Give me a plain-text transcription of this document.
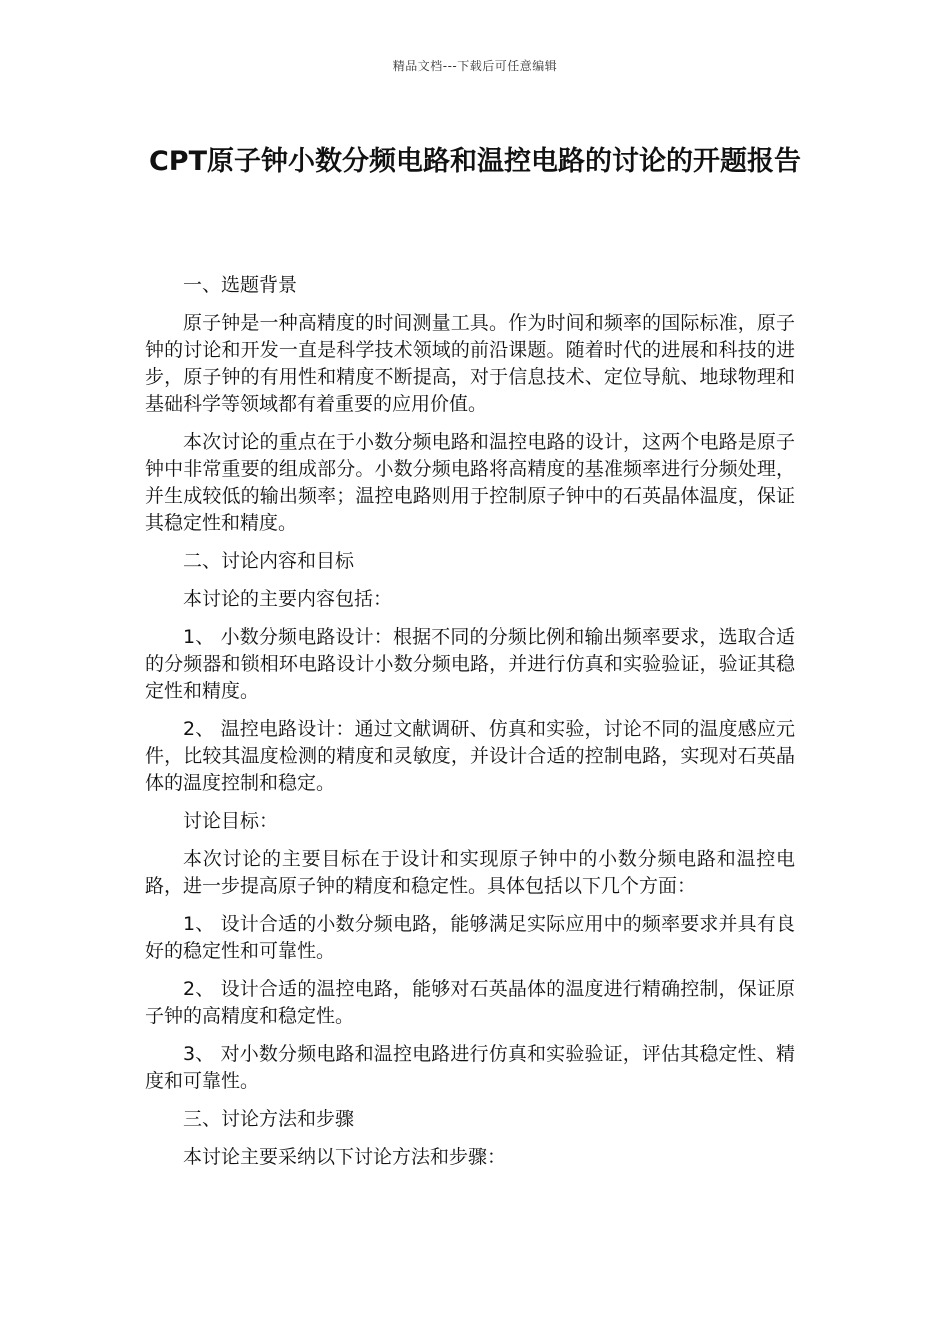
精品文档---下载后可任意编辑
CPT原子钟小数分频电路和温控电路的讨论的开题报告

一、选题背景

原子钟是一种高精度的时间测量工具。作为时间和频率的国际标准，原子钟的讨论和开发一直是科学技术领域的前沿课题。随着时代的进展和科技的进步，原子钟的有用性和精度不断提高，对于信息技术、定位导航、地球物理和基础科学等领域都有着重要的应用价值。

本次讨论的重点在于小数分频电路和温控电路的设计，这两个电路是原子钟中非常重要的组成部分。小数分频电路将高精度的基准频率进行分频处理，并生成较低的输出频率；温控电路则用于控制原子钟中的石英晶体温度，保证其稳定性和精度。

二、讨论内容和目标

本讨论的主要内容包括：

1、 小数分频电路设计：根据不同的分频比例和输出频率要求，选取合适的分频器和锁相环电路设计小数分频电路，并进行仿真和实验验证，验证其稳定性和精度。

2、 温控电路设计：通过文献调研、仿真和实验，讨论不同的温度感应元件，比较其温度检测的精度和灵敏度，并设计合适的控制电路，实现对石英晶体的温度控制和稳定。

讨论目标：

本次讨论的主要目标在于设计和实现原子钟中的小数分频电路和温控电路，进一步提高原子钟的精度和稳定性。具体包括以下几个方面：

1、 设计合适的小数分频电路，能够满足实际应用中的频率要求并具有良好的稳定性和可靠性。

2、 设计合适的温控电路，能够对石英晶体的温度进行精确控制，保证原子钟的高精度和稳定性。

3、 对小数分频电路和温控电路进行仿真和实验验证，评估其稳定性、精度和可靠性。

三、讨论方法和步骤

本讨论主要采纳以下讨论方法和步骤：
